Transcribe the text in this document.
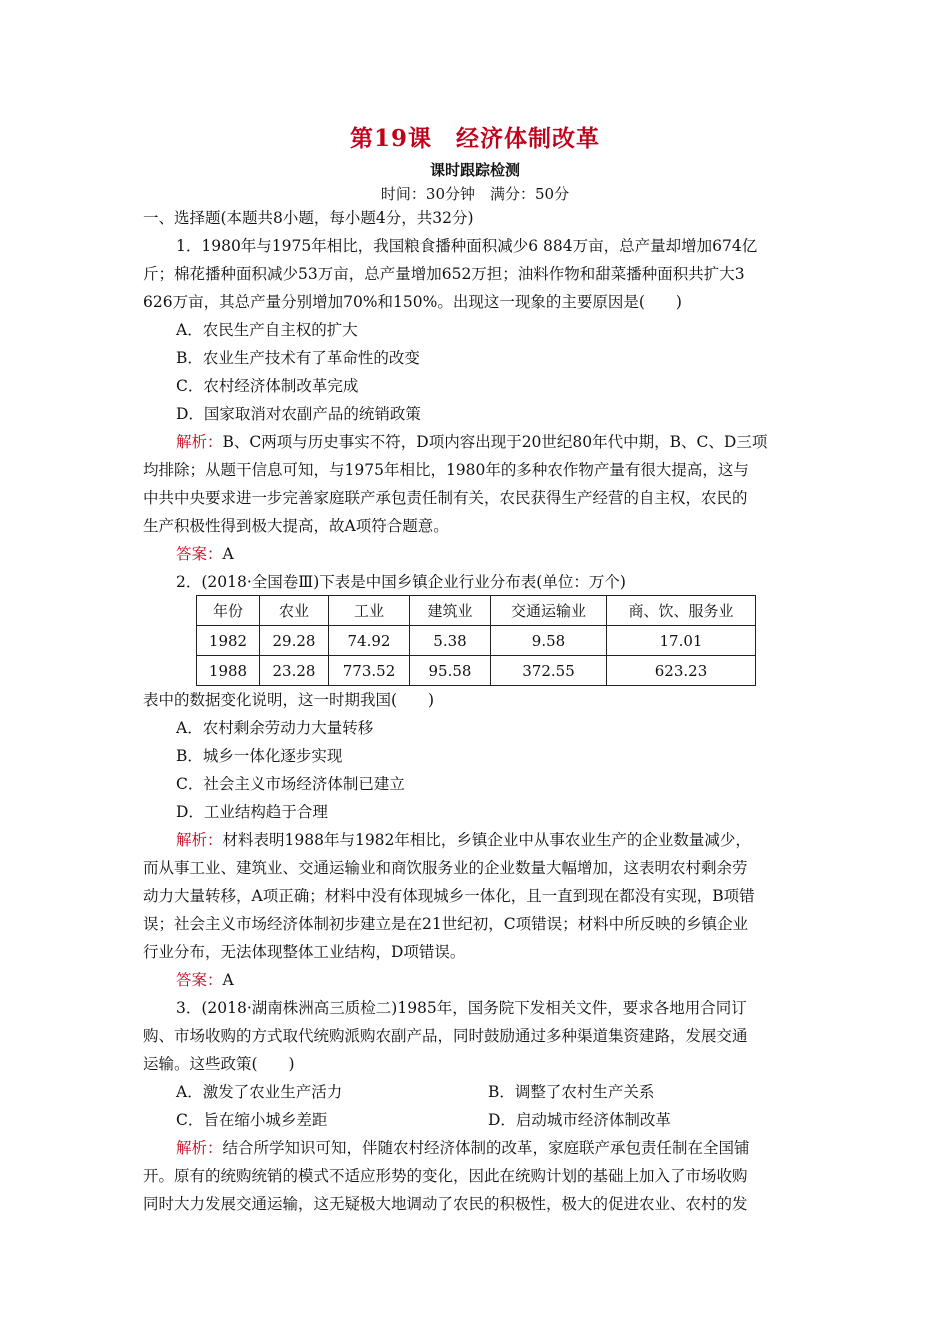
第19课　经济体制改革
课时跟踪检测
时间：30分钟　满分：50分
一、选择题(本题共8小题，每小题4分，共32分)
1．1980年与1975年相比，我国粮食播种面积减少6 884万亩，总产量却增加674亿
斤；棉花播种面积减少53万亩，总产量增加652万担；油料作物和甜菜播种面积共扩大3
626万亩，其总产量分别增加70%和150%。出现这一现象的主要原因是(　　)
A．农民生产自主权的扩大
B．农业生产技术有了革命性的改变
C．农村经济体制改革完成
D．国家取消对农副产品的统销政策
解析：B、C两项与历史事实不符，D项内容出现于20世纪80年代中期，B、C、D三项
均排除；从题干信息可知，与1975年相比，1980年的多种农作物产量有很大提高，这与
中共中央要求进一步完善家庭联产承包责任制有关，农民获得生产经营的自主权，农民的
生产积极性得到极大提高，故A项符合题意。
答案：A
2．(2018·全国卷Ⅲ)下表是中国乡镇企业行业分布表(单位：万个)
年份	农业	工业	建筑业	交通运输业	商、饮、服务业
1982	29.28	74.92	5.38	9.58	17.01
1988	23.28	773.52	95.58	372.55	623.23
表中的数据变化说明，这一时期我国(　　)
A．农村剩余劳动力大量转移
B．城乡一体化逐步实现
C．社会主义市场经济体制已建立
D．工业结构趋于合理
解析：材料表明1988年与1982年相比，乡镇企业中从事农业生产的企业数量减少，
而从事工业、建筑业、交通运输业和商饮服务业的企业数量大幅增加，这表明农村剩余劳
动力大量转移，A项正确；材料中没有体现城乡一体化，且一直到现在都没有实现，B项错
误；社会主义市场经济体制初步建立是在21世纪初，C项错误；材料中所反映的乡镇企业
行业分布，无法体现整体工业结构，D项错误。
答案：A
3．(2018·湖南株洲高三质检二)1985年，国务院下发相关文件，要求各地用合同订
购、市场收购的方式取代统购派购农副产品，同时鼓励通过多种渠道集资建路，发展交通
运输。这些政策(　　)
A．激发了农业生产活力	B．调整了农村生产关系
C．旨在缩小城乡差距	D．启动城市经济体制改革
解析：结合所学知识可知，伴随农村经济体制的改革，家庭联产承包责任制在全国铺
开。原有的统购统销的模式不适应形势的变化，因此在统购计划的基础上加入了市场收购
同时大力发展交通运输，这无疑极大地调动了农民的积极性，极大的促进农业、农村的发
